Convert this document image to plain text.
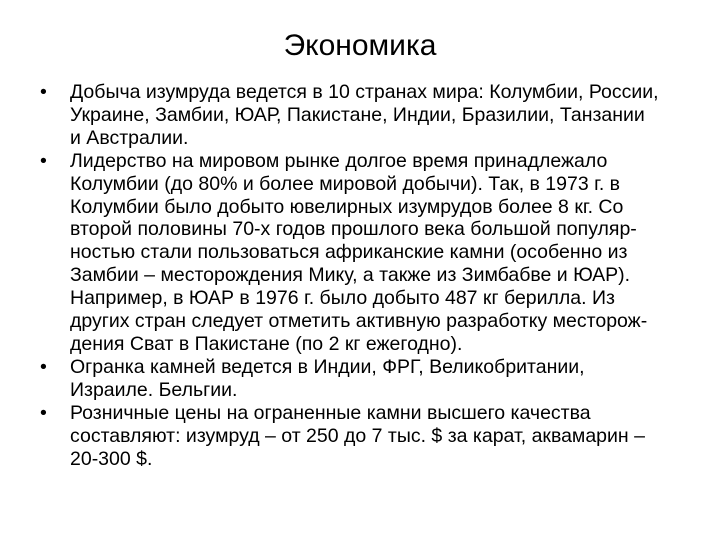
Экономика
• Добыча изумруда ведется в 10 странах мира: Колумбии, России,
Украине, Замбии, ЮАР, Пакистане, Индии, Бразилии, Танзании
и Австралии.
• Лидерство на мировом рынке долгое время принадлежало
Колумбии (до 80% и более мировой добычи). Так, в 1973 г. в
Колумбии было добыто ювелирных изумрудов более 8 кг. Со
второй половины 70-х годов прошлого века большой популяр-
ностью стали пользоваться африканские камни (особенно из
Замбии – месторождения Мику, а также из Зимбабве и ЮАР).
Например, в ЮАР в 1976 г. было добыто 487 кг берилла. Из
других стран следует отметить активную разработку месторож-
дения Сват в Пакистане (по 2 кг ежегодно).
• Огранка камней ведется в Индии, ФРГ, Великобритании,
Израиле. Бельгии.
• Розничные цены на ограненные камни высшего качества
составляют: изумруд – от 250 до 7 тыс. $ за карат, аквамарин –
20-300 $.
